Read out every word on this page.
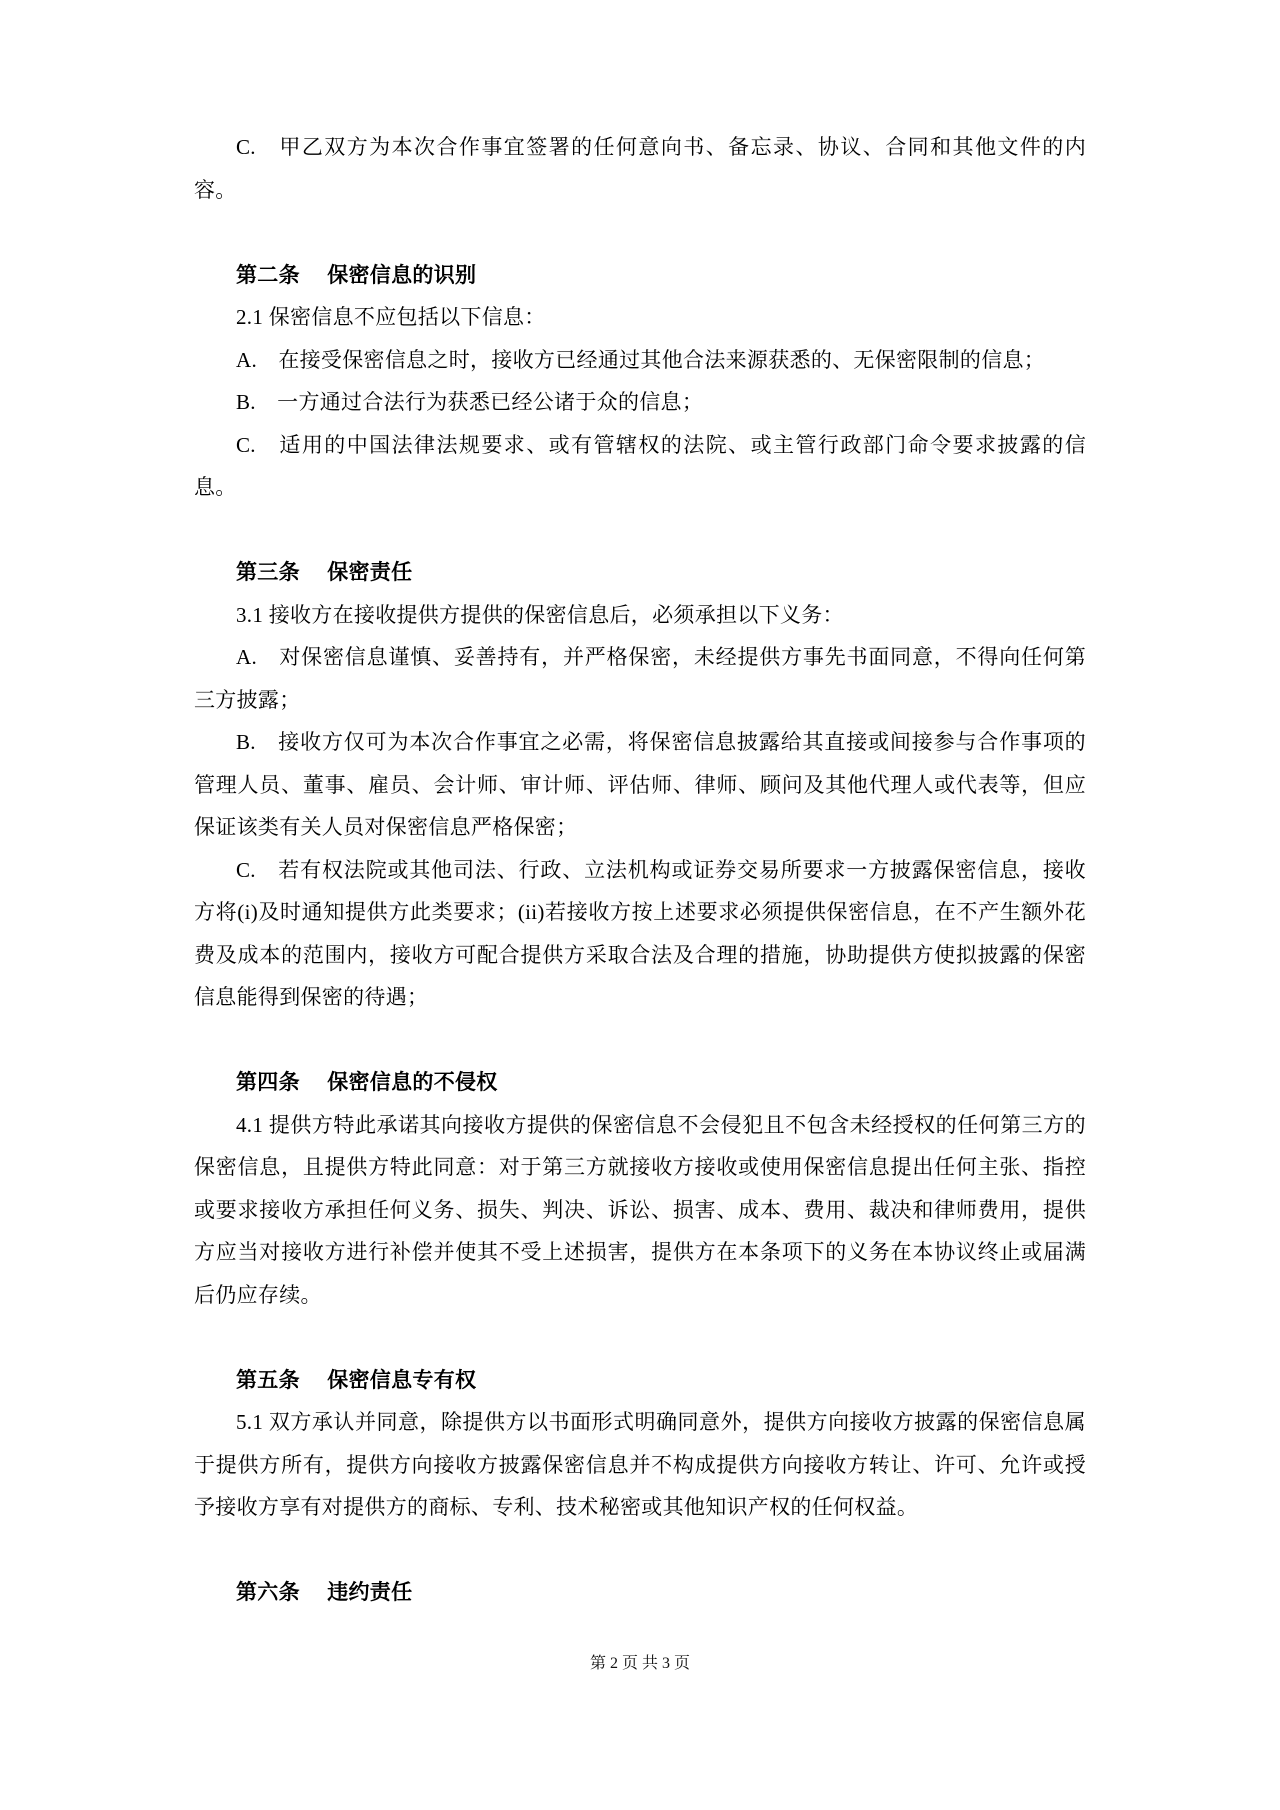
C.　甲乙双方为本次合作事宜签署的任何意向书、备忘录、协议、合同和其他文件的内容。

第二条 保密信息的识别

2.1 保密信息不应包括以下信息：

A.　在接受保密信息之时，接收方已经通过其他合法来源获悉的、无保密限制的信息；

B.　一方通过合法行为获悉已经公诸于众的信息；

C.　适用的中国法律法规要求、或有管辖权的法院、或主管行政部门命令要求披露的信息。

第三条 保密责任

3.1 接收方在接收提供方提供的保密信息后，必须承担以下义务：

A.　对保密信息谨慎、妥善持有，并严格保密，未经提供方事先书面同意，不得向任何第三方披露；

B.　接收方仅可为本次合作事宜之必需，将保密信息披露给其直接或间接参与合作事项的管理人员、董事、雇员、会计师、审计师、评估师、律师、顾问及其他代理人或代表等，但应保证该类有关人员对保密信息严格保密；

C.　若有权法院或其他司法、行政、立法机构或证券交易所要求一方披露保密信息，接收方将(i)及时通知提供方此类要求；(ii)若接收方按上述要求必须提供保密信息，在不产生额外花费及成本的范围内，接收方可配合提供方采取合法及合理的措施，协助提供方使拟披露的保密信息能得到保密的待遇；

第四条 保密信息的不侵权

4.1 提供方特此承诺其向接收方提供的保密信息不会侵犯且不包含未经授权的任何第三方的保密信息，且提供方特此同意：对于第三方就接收方接收或使用保密信息提出任何主张、指控或要求接收方承担任何义务、损失、判决、诉讼、损害、成本、费用、裁决和律师费用，提供方应当对接收方进行补偿并使其不受上述损害，提供方在本条项下的义务在本协议终止或届满后仍应存续。

第五条 保密信息专有权

5.1 双方承认并同意，除提供方以书面形式明确同意外，提供方向接收方披露的保密信息属于提供方所有，提供方向接收方披露保密信息并不构成提供方向接收方转让、许可、允许或授予接收方享有对提供方的商标、专利、技术秘密或其他知识产权的任何权益。

第六条 违约责任
第 2 页 共 3 页
